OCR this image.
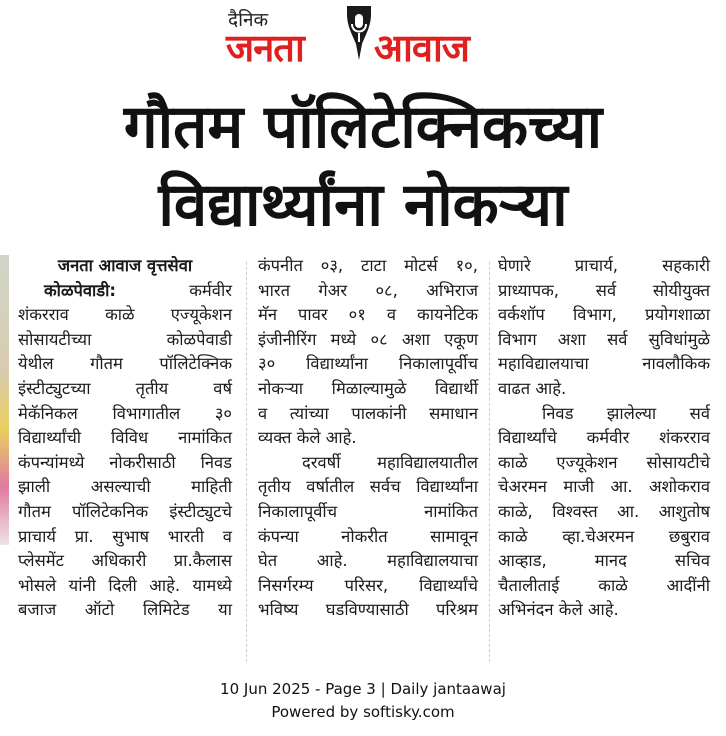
दैनिक
जनता आवाज
गौतम पॉलिटेक्निकच्या
विद्यार्थ्यांना नोकऱ्या
जनता आवाज वृत्तसेवा
कोळपेवाडी :	कर्मवीर
शंकरराव काळे एज्यूकेशन
सोसायटीच्या कोळपेवाडी
येथील गौतम पॉलिटेक्निक
इंस्टीट्युटच्या तृतीय वर्ष
मेकॅनिकल विभागातील ३०
विद्यार्थ्यांची विविध नामांकित
कंपन्यांमध्ये नोकरीसाठी निवड
झाली असल्याची माहिती
गौतम पॉलिटेकनिक इंस्टीट्युटचे
प्राचार्य प्रा. सुभाष भारती व
प्लेसमेंट अधिकारी प्रा.कैलास
भोसले यांनी दिली आहे. यामध्ये
बजाज ऑटो लिमिटेड या
कंपनीत ०३, टाटा मोटर्स १०,
भारत गेअर ०८, अभिराज
मॅन पावर ०१ व कायनेटिक
इंजीनीरिंग मध्ये ०८ अशा एकूण
३० विद्यार्थ्यांना निकालापूर्वीच
नोकऱ्या मिळाल्यामुळे विद्यार्थी
व त्यांच्या पालकांनी समाधान
व्यक्त केले आहे.
दरवर्षी महाविद्यालयातील
तृतीय वर्षातील सर्वच विद्यार्थ्यांना
निकालापूर्वीच नामांकित
कंपन्या नोकरीत सामावून
घेत आहे. महाविद्यालयाचा
निसर्गरम्य परिसर, विद्यार्थ्यांचे
भविष्य घडविण्यासाठी परिश्रम
घेणारे प्राचार्य, सहकारी
प्राध्यापक, सर्व सोयीयुक्त
वर्कशॉप विभाग, प्रयोगशाळा
विभाग अशा सर्व सुविधांमुळे
महाविद्यालयाचा नावलौकिक
वाढत आहे.
निवड झालेल्या सर्व
विद्यार्थ्यांचे कर्मवीर शंकरराव
काळे एज्यूकेशन सोसायटीचे
चेअरमन माजी आ. अशोकराव
काळे, विश्वस्त आ. आशुतोष
काळे व्हा.चेअरमन छबुराव
आव्हाड, मानद सचिव
चैतालीताई काळे आदींनी
अभिनंदन केले आहे.
10 Jun 2025 - Page 3 | Daily jantaawaj
Powered by softisky.com
